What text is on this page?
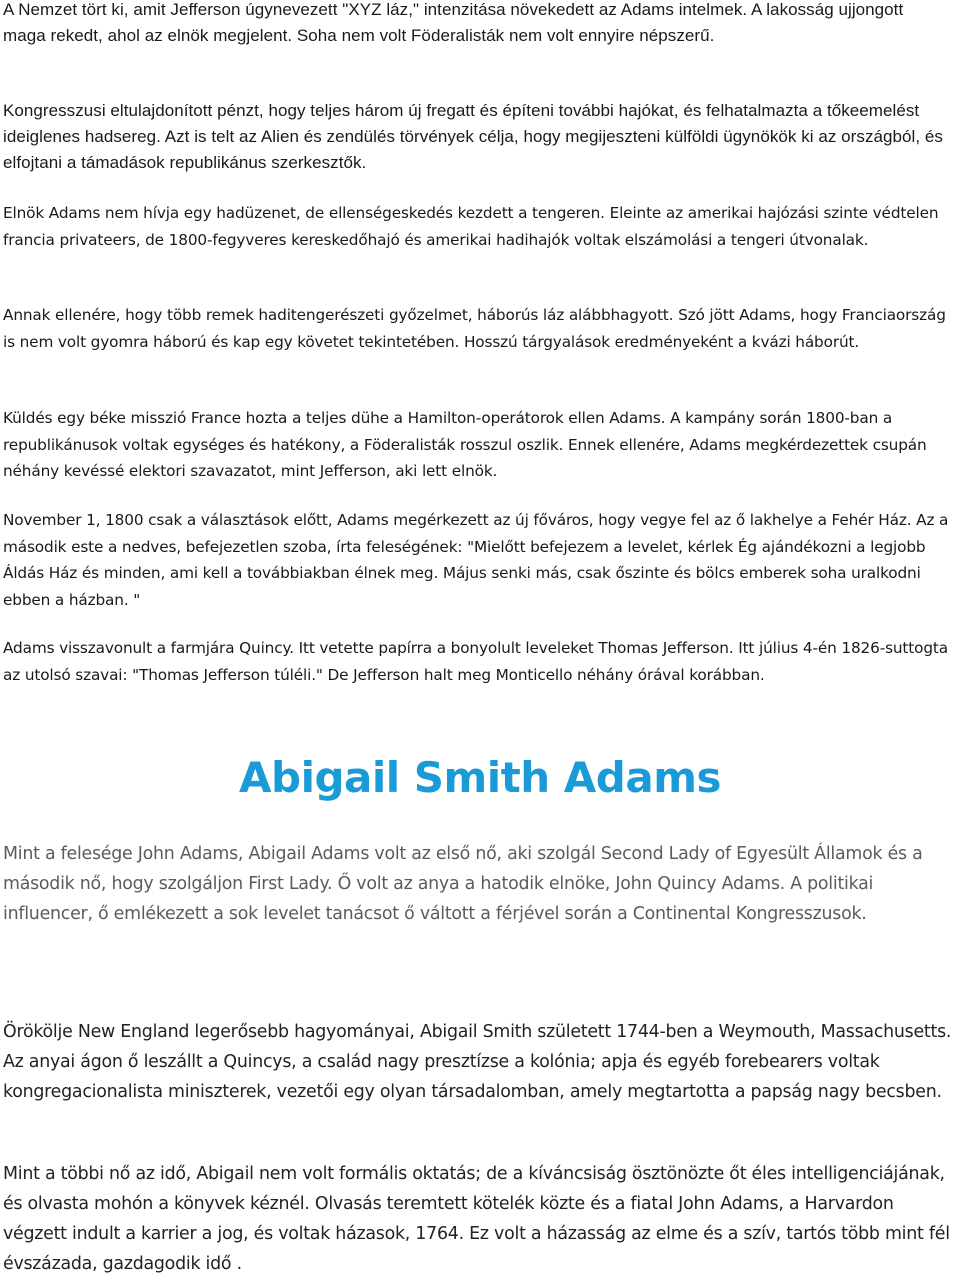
A Nemzet tört ki, amit Jefferson úgynevezett "XYZ láz," intenzitása növekedett az Adams intelmek. A lakosság ujjongott maga rekedt, ahol az elnök megjelent. Soha nem volt Föderalisták nem volt ennyire népszerű.

Kongresszusi eltulajdonított pénzt, hogy teljes három új fregatt és építeni további hajókat, és felhatalmazta a tőkeemelést ideiglenes hadsereg. Azt is telt az Alien és zendülés törvények célja, hogy megijeszteni külföldi ügynökök ki az országból, és elfojtani a támadások republikánus szerkesztők.

Elnök Adams nem hívja egy hadüzenet, de ellenségeskedés kezdett a tengeren. Eleinte az amerikai hajózási szinte védtelen francia privateers, de 1800-fegyveres kereskedőhajó és amerikai hadihajók voltak elszámolási a tengeri útvonalak.

Annak ellenére, hogy több remek haditengerészeti győzelmet, háborús láz alábbhagyott. Szó jött Adams, hogy Franciaország is nem volt gyomra háború és kap egy követet tekintetében. Hosszú tárgyalások eredményeként a kvázi háborút.

Küldés egy béke misszió France hozta a teljes dühe a Hamilton-operátorok ellen Adams. A kampány során 1800-ban a republikánusok voltak egységes és hatékony, a Föderalisták rosszul oszlik. Ennek ellenére, Adams megkérdezettek csupán néhány kevéssé elektori szavazatot, mint Jefferson, aki lett elnök.

November 1, 1800 csak a választások előtt, Adams megérkezett az új főváros, hogy vegye fel az ő lakhelye a Fehér Ház. Az a második este a nedves, befejezetlen szoba, írta feleségének: "Mielőtt befejezem a levelet, kérlek Ég ajándékozni a legjobb Áldás Ház és minden, ami kell a továbbiakban élnek meg. Május senki más, csak őszinte és bölcs emberek soha uralkodni ebben a házban. "

Adams visszavonult a farmjára Quincy. Itt vetette papírra a bonyolult leveleket Thomas Jefferson. Itt július 4-én 1826-suttogta az utolsó szavai: "Thomas Jefferson túléli." De Jefferson halt meg Monticello néhány órával korábban.

Abigail Smith Adams

Mint a felesége John Adams, Abigail Adams volt az első nő, aki szolgál Second Lady of Egyesült Államok és a második nő, hogy szolgáljon First Lady. Ő volt az anya a hatodik elnöke, John Quincy Adams. A politikai influencer, ő emlékezett a sok levelet tanácsot ő váltott a férjével során a Continental Kongresszusok.

Örökölje New England legerősebb hagyományai, Abigail Smith született 1744-ben a Weymouth, Massachusetts. Az anyai ágon ő leszállt a Quincys, a család nagy presztízse a kolónia; apja és egyéb forebearers voltak kongregacionalista miniszterek, vezetői egy olyan társadalomban, amely megtartotta a papság nagy becsben.

Mint a többi nő az idő, Abigail nem volt formális oktatás; de a kíváncsiság ösztönözte őt éles intelligenciájának, és olvasta mohón a könyvek kéznél. Olvasás teremtett kötelék közte és a fiatal John Adams, a Harvardon végzett indult a karrier a jog, és voltak házasok, 1764. Ez volt a házasság az elme és a szív, tartós több mint fél évszázada, gazdagodik idő .
